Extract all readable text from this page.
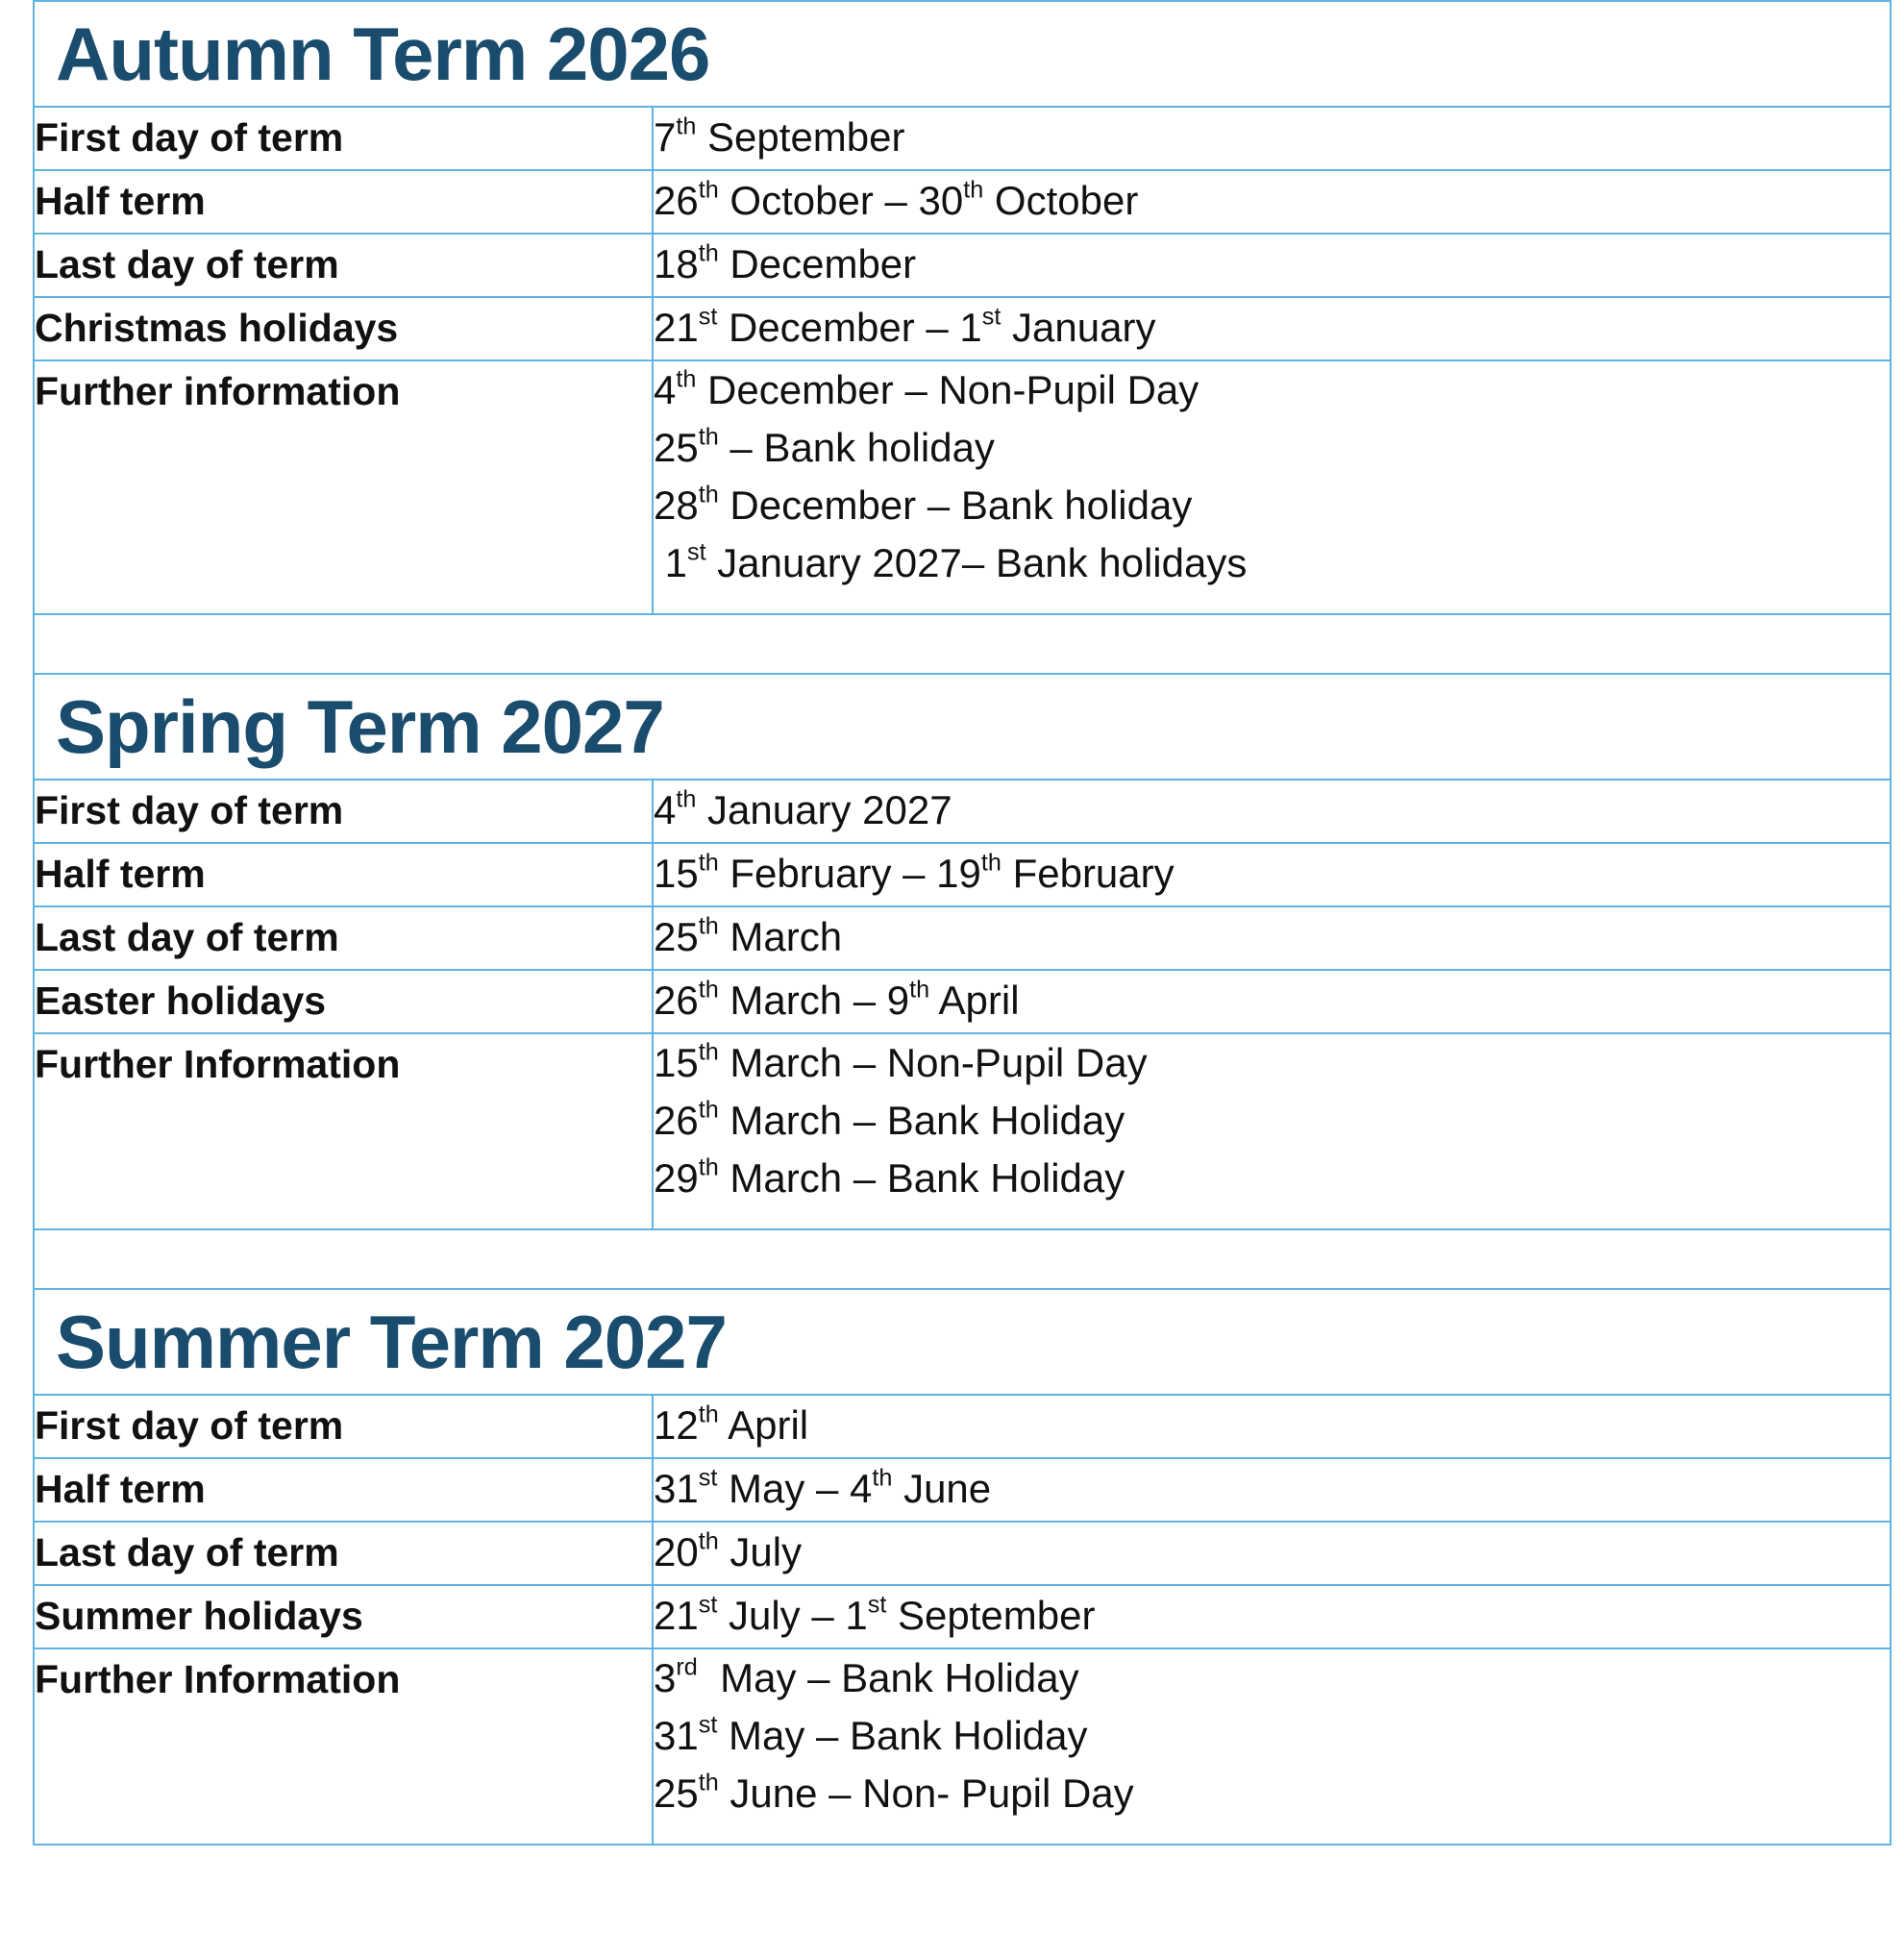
Autumn Term 2026	

First day of term	7th September

Half term	26th October – 30th October

Last day of term	18th December

Christmas holidays	21st December – 1st January

Further information	4th December – Non-Pupil Day
25th – Bank holiday
28th December – Bank holiday
1st January 2027– Bank holidays

Spring Term 2027	

First day of term	4th January 2027

Half term	15th February – 19th February

Last day of term	25th March

Easter holidays	26th March – 9th April

Further Information	15th March – Non-Pupil Day
26th March – Bank Holiday
29th March – Bank Holiday

Summer Term 2027	

First day of term	12th April

Half term	31st May – 4th June

Last day of term	20th July

Summer holidays	21st July – 1st September

Further Information	3rd  May – Bank Holiday
31st May – Bank Holiday
25th June – Non- Pupil Day
